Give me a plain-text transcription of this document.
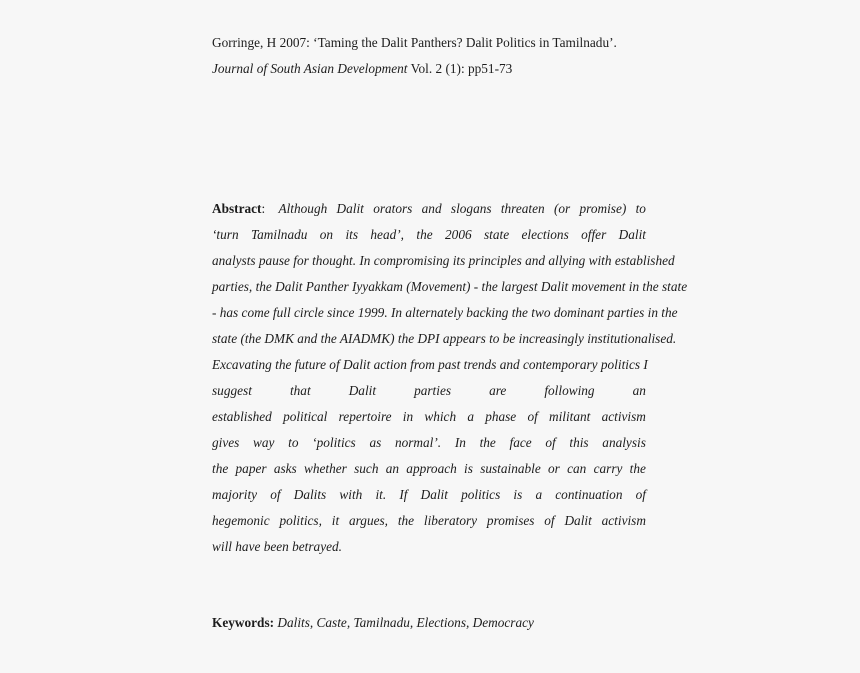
Gorringe, H 2007: ‘Taming the Dalit Panthers? Dalit Politics in Tamilnadu’. Journal of South Asian Development Vol. 2 (1): pp51-73

Abstract: Although Dalit orators and slogans threaten (or promise) to
‘turn Tamilnadu on its head’, the 2006 state elections offer Dalit
analysts pause for thought. In compromising its principles and allying with established
parties, the Dalit Panther Iyyakkam (Movement) - the largest Dalit movement in the state
- has come full circle since 1999. In alternately backing the two dominant parties in the
state (the DMK and the AIADMK) the DPI appears to be increasingly institutionalised.
Excavating the future of Dalit action from past trends and contemporary politics I
suggest	that	Dalit	parties	are	following	an
established political repertoire in which a phase of militant activism
gives way to ‘politics as normal’. In the face of this analysis
the paper asks whether such an approach is sustainable or can carry the
majority of Dalits with it. If Dalit politics is a continuation of
hegemonic politics, it argues, the liberatory promises of Dalit activism
will have been betrayed.

Keywords: Dalits, Caste, Tamilnadu, Elections, Democracy
